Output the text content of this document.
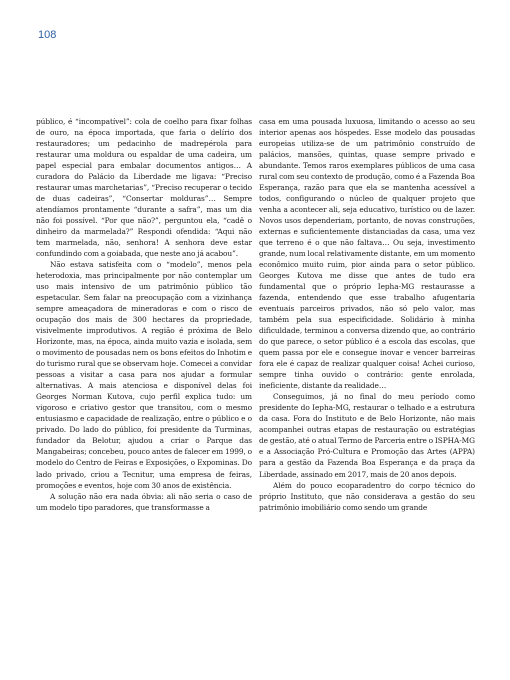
108

público, é “incompatível”: cola de coelho para fixar folhas de ouro, na época importada, que faria o delírio dos restauradores; um pedacinho de madrepérola para restaurar uma moldura ou espaldar de uma cadeira, um papel especial para embalar documentos antigos… A curadora do Palácio da Liberdade me ligava: “Preciso restaurar umas marchetarias”, “Preciso recuperar o tecido de duas cadeiras”, “Consertar molduras”… Sempre atendíamos prontamente “durante a safra”, mas um dia não foi possível. “Por que não?”, perguntou ela, “cadê o dinheiro da marmelada?” Respondi ofendida: “Aqui não tem marmelada, não, senhora! A senhora deve estar confundindo com a goiabada, que neste ano já acabou”.

Não estava satisfeita com o “modelo”, menos pela heterodoxia, mas principalmente por não contemplar um uso mais intensivo de um patrimônio público tão espetacular. Sem falar na preocupação com a vizinhança sempre ameaçadora de mineradoras e com o risco de ocupação dos mais de 300 hectares da propriedade, visivelmente improdutivos. A região é próxima de Belo Horizonte, mas, na época, ainda muito vazia e isolada, sem o movimento de pousadas nem os bons efeitos do Inhotim e do turismo rural que se observam hoje. Comecei a convidar pessoas a visitar a casa para nos ajudar a formular alternativas. A mais atenciosa e disponível delas foi Georges Norman Kutova, cujo perfil explica tudo: um vigoroso e criativo gestor que transitou, com o mesmo entusiasmo e capacidade de realização, entre o público e o privado. Do lado do público, foi presidente da Turminas, fundador da Belotur, ajudou a criar o Parque das Mangabeiras; concebeu, pouco antes de falecer em 1999, o modelo do Centro de Feiras e Exposições, o Expominas. Do lado privado, criou a Tecnitur, uma empresa de feiras, promoções e eventos, hoje com 30 anos de existência.

A solução não era nada óbvia: ali não seria o caso de um modelo tipo paradores, que transformasse a

casa em uma pousada luxuosa, limitando o acesso ao seu interior apenas aos hóspedes. Esse modelo das pousadas europeias utiliza-se de um patrimônio construído de palácios, mansões, quintas, quase sempre privado e abundante. Temos raros exemplares públicos de uma casa rural com seu contexto de produção, como é a Fazenda Boa Esperança, razão para que ela se mantenha acessível a todos, configurando o núcleo de qualquer projeto que venha a acontecer ali, seja educativo, turístico ou de lazer. Novos usos dependeriam, portanto, de novas construções, externas e suficientemente distanciadas da casa, uma vez que terreno é o que não faltava… Ou seja, investimento grande, num local relativamente distante, em um momento econômico muito ruim, pior ainda para o setor público. Georges Kutova me disse que antes de tudo era fundamental que o próprio Iepha-MG restaurasse a fazenda, entendendo que esse trabalho afugentaria eventuais parceiros privados, não só pelo valor, mas também pela sua especificidade. Solidário à minha dificuldade, terminou a conversa dizendo que, ao contrário do que parece, o setor público é a escola das escolas, que quem passa por ele e consegue inovar e vencer barreiras fora ele é capaz de realizar qualquer coisa! Achei curioso, sempre tinha ouvido o contrário: gente enrolada, ineficiente, distante da realidade…

Conseguimos, já no final do meu período como presidente do Iepha-MG, restaurar o telhado e a estrutura da casa. Fora do Instituto e de Belo Horizonte, não mais acompanhei outras etapas de restauração ou estratégias de gestão, até o atual Termo de Parceria entre o ISPHA-MG e a Associação Pró-Cultura e Promoção das Artes (APPA) para a gestão da Fazenda Boa Esperança e da praça da Liberdade, assinado em 2017, mais de 20 anos depois.

Além do pouco ecoparadentro do corpo técnico do próprio Instituto, que não considerava a gestão do seu patrimônio imobiliário como sendo um grande
